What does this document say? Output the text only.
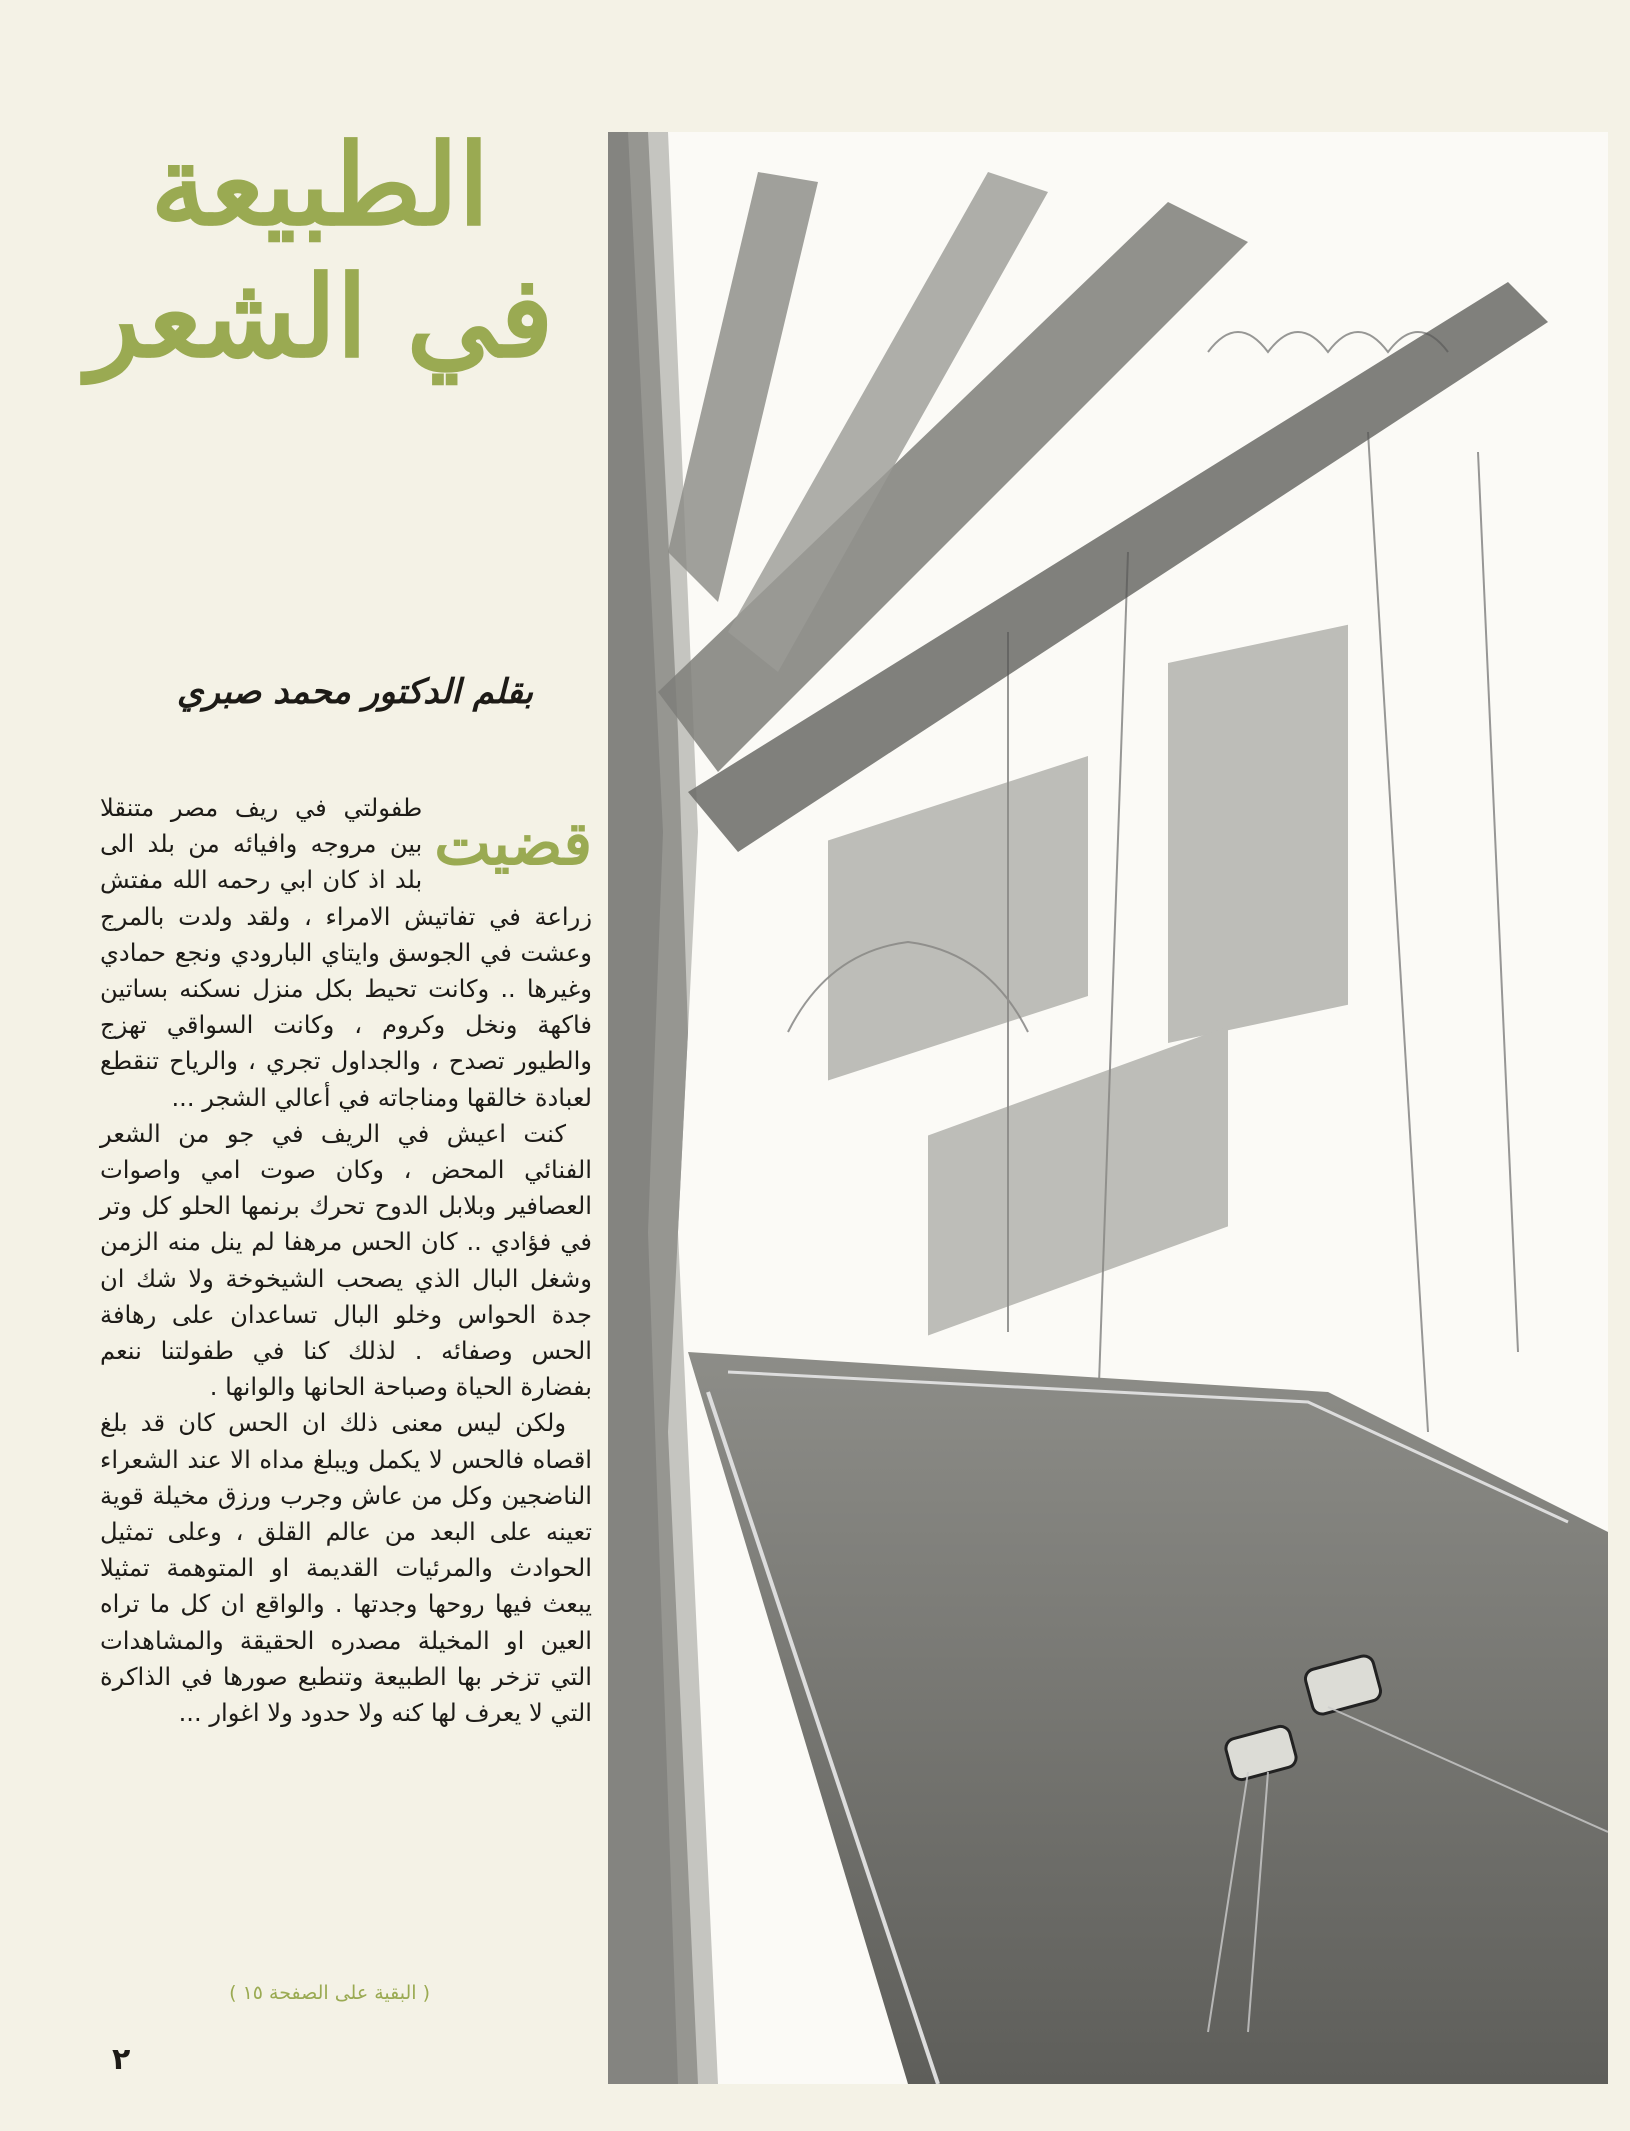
الطبيعة
في الشعر
بقلم الدكتور محمد صبري
قضيت

طفولتي في ريف مصر متنقلا بين مروجه وافيائه من بلد الى بلد اذ كان ابي رحمه الله مفتش زراعة في تفاتيش الامراء ، ولقد ولدت بالمرج وعشت في الجوسق وايتاي البارودي ونجع حمادي وغيرها .. وكانت تحيط بكل منزل نسكنه بساتين فاكهة ونخل وكروم ، وكانت السواقي تهزج والطيور تصدح ، والجداول تجري ، والرياح تنقطع لعبادة خالقها ومناجاته في أعالي الشجر ...

كنت اعيش في الريف في جو من الشعر الفنائي المحض ، وكان صوت امي واصوات العصافير وبلابل الدوح تحرك برنمها الحلو كل وتر في فؤادي .. كان الحس مرهفا لم ينل منه الزمن وشغل البال الذي يصحب الشيخوخة ولا شك ان جدة الحواس وخلو البال تساعدان على رهافة الحس وصفائه . لذلك كنا في طفولتنا ننعم بفضارة الحياة وصباحة الحانها والوانها .

ولكن ليس معنى ذلك ان الحس كان قد بلغ اقصاه فالحس لا يكمل ويبلغ مداه الا عند الشعراء الناضجين وكل من عاش وجرب ورزق مخيلة قوية تعينه على البعد من عالم القلق ، وعلى تمثيل الحوادث والمرئيات القديمة او المتوهمة تمثيلا يبعث فيها روحها وجدتها . والواقع ان كل ما تراه العين او المخيلة مصدره الحقيقة والمشاهدات التي تزخر بها الطبيعة وتنطبع صورها في الذاكرة التي لا يعرف لها كنه ولا حدود ولا اغوار ...

( البقية على الصفحة ١٥ )
٢
